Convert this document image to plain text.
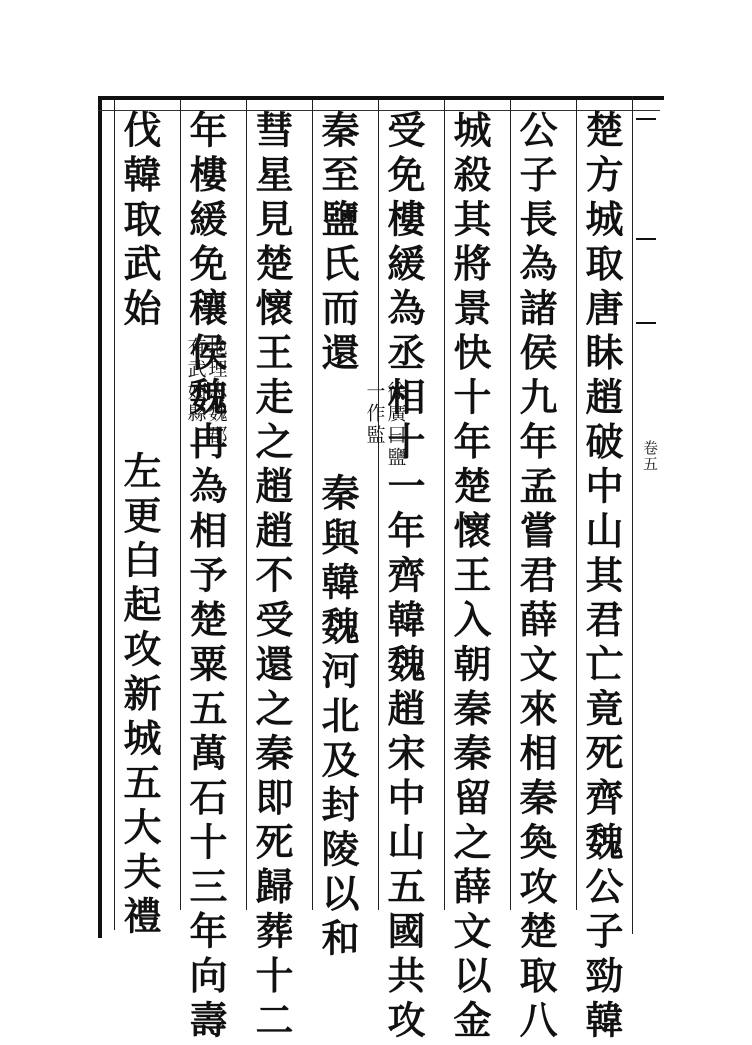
卷五
楚方城取唐眛趙破中山其君亡竟死齊魏公子勁韓
公子長為諸侯九年孟嘗君薛文來相秦奐攻楚取八
城殺其將景快十年楚懷王入朝秦秦留之薛文以金
受免樓緩為丞相十一年齊韓魏趙宋中山五國共攻
秦至鹽氏而還
徐廣曰鹽
一作監
秦與韓魏河北及封陵以和
彗星見楚懷王走之趙趙不受還之秦即死歸葬十二
年樓緩免穰侯魏冉為相予楚粟五萬石十三年向壽
伐韓取武始
地理志魏郡
有武始縣
左更白起攻新城五大夫禮
